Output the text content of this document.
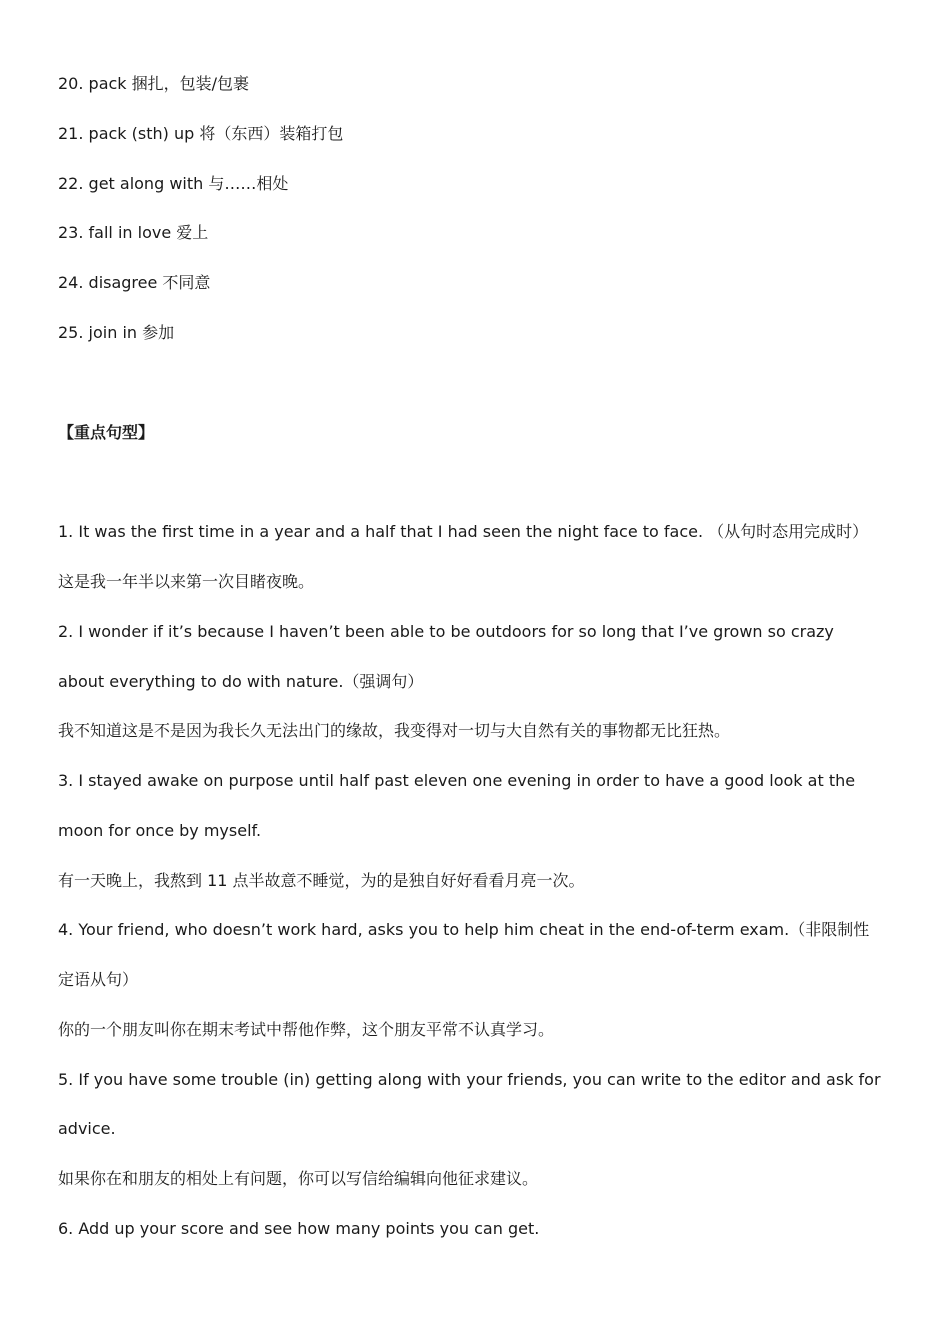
20. pack 捆扎，包装/包裹
21. pack (sth) up 将（东西）装箱打包
22. get along with 与……相处
23. fall in love 爱上
24. disagree 不同意
25. join in 参加
【重点句型】
1. It was the first time in a year and a half that I had seen the night face to face. （从句时态用完成时）
这是我一年半以来第一次目睹夜晚。
2. I wonder if it’s because I haven’t been able to be outdoors for so long that I’ve grown so crazy
about everything to do with nature.（强调句）
我不知道这是不是因为我长久无法出门的缘故，我变得对一切与大自然有关的事物都无比狂热。
3. I stayed awake on purpose until half past eleven one evening in order to have a good look at the
moon for once by myself.
有一天晚上，我熬到 11 点半故意不睡觉，为的是独自好好看看月亮一次。
4. Your friend, who doesn’t work hard, asks you to help him cheat in the end-of-term exam.（非限制性
定语从句）
你的一个朋友叫你在期末考试中帮他作弊，这个朋友平常不认真学习。
5. If you have some trouble (in) getting along with your friends, you can write to the editor and ask for
advice.
如果你在和朋友的相处上有问题，你可以写信给编辑向他征求建议。
6. Add up your score and see how many points you can get.
